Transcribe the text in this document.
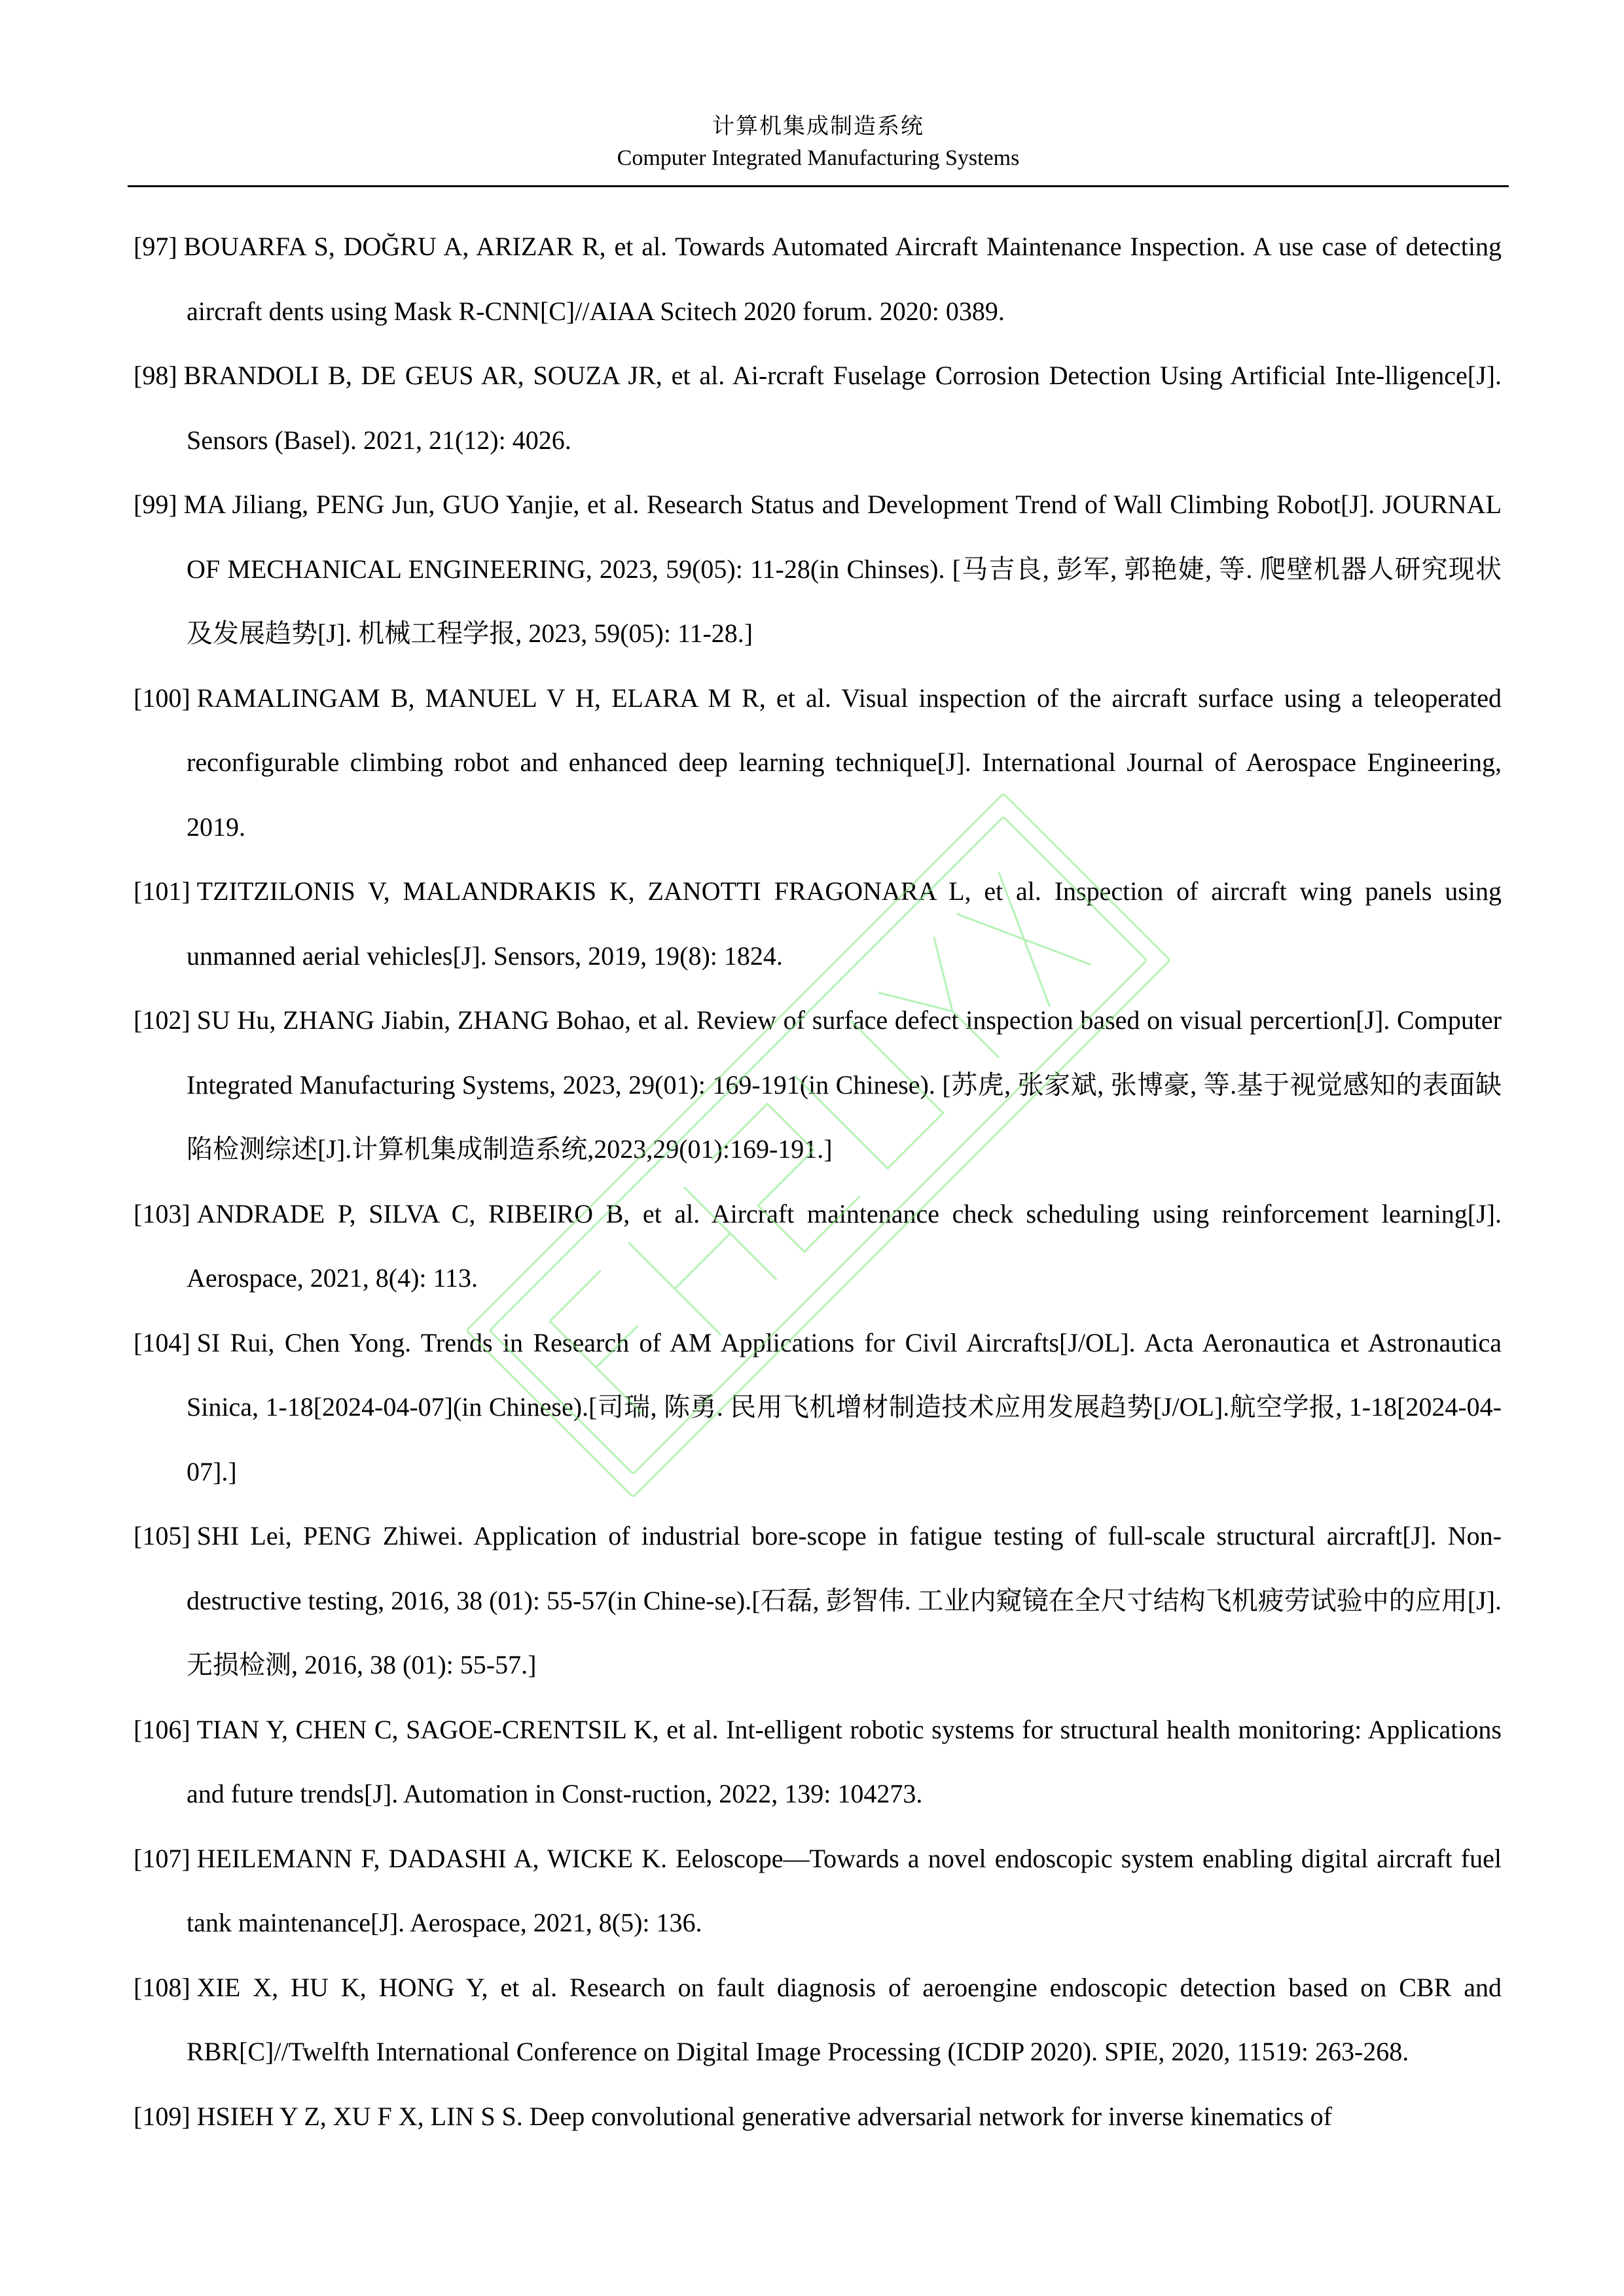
计算机集成制造系统
Computer Integrated Manufacturing Systems
[97] BOUARFA S, DOĞRU A, ARIZAR R, et al. Towards Automated Aircraft Maintenance Inspection. A use case of detecting aircraft dents using Mask R-CNN[C]//AIAA Scitech 2020 forum. 2020: 0389.
[98] BRANDOLI B, DE GEUS AR, SOUZA JR, et al. Ai-rcraft Fuselage Corrosion Detection Using Artificial Inte-lligence[J]. Sensors (Basel). 2021, 21(12): 4026.
[99] MA Jiliang, PENG Jun, GUO Yanjie, et al. Research Status and Development Trend of Wall Climbing Robot[J]. JOURNAL OF MECHANICAL ENGINEERING, 2023, 59(05): 11-28(in Chinses). [马吉良, 彭军, 郭艳婕, 等. 爬壁机器人研究现状及发展趋势[J]. 机械工程学报, 2023, 59(05): 11-28.]
[100] RAMALINGAM B, MANUEL V H, ELARA M R, et al. Visual inspection of the aircraft surface using a teleoperated reconfigurable climbing robot and enhanced deep learning technique[J]. International Journal of Aerospace Engineering, 2019.
[101] TZITZILONIS V, MALANDRAKIS K, ZANOTTI FRAGONARA L, et al. Inspection of aircraft wing panels using unmanned aerial vehicles[J]. Sensors, 2019, 19(8): 1824.
[102] SU Hu, ZHANG Jiabin, ZHANG Bohao, et al. Review of surface defect inspection based on visual percertion[J]. Computer Integrated Manufacturing Systems, 2023, 29(01): 169-191(in Chinese). [苏虎, 张家斌, 张博豪, 等.基于视觉感知的表面缺陷检测综述[J].计算机集成制造系统,2023,29(01):169-191.]
[103] ANDRADE P, SILVA C, RIBEIRO B, et al. Aircraft maintenance check scheduling using reinforcement learning[J]. Aerospace, 2021, 8(4): 113.
[104] SI Rui, Chen Yong. Trends in Research of AM Applications for Civil Aircrafts[J/OL]. Acta Aeronautica et Astronautica Sinica, 1-18[2024-04-07](in Chinese).[司瑞, 陈勇. 民用飞机增材制造技术应用发展趋势[J/OL].航空学报, 1-18[2024-04-07].]
[105] SHI Lei, PENG Zhiwei. Application of industrial bore-scope in fatigue testing of full-scale structural aircraft[J]. Non-destructive testing, 2016, 38 (01): 55-57(in Chine-se).[石磊, 彭智伟. 工业内窥镜在全尺寸结构飞机疲劳试验中的应用[J]. 无损检测, 2016, 38 (01): 55-57.]
[106] TIAN Y, CHEN C, SAGOE-CRENTSIL K, et al. Int-elligent robotic systems for structural health monitoring: Applications and future trends[J]. Automation in Const-ruction, 2022, 139: 104273.
[107] HEILEMANN F, DADASHI A, WICKE K. Eeloscope—Towards a novel endoscopic system enabling digital aircraft fuel tank maintenance[J]. Aerospace, 2021, 8(5): 136.
[108] XIE X, HU K, HONG Y, et al. Research on fault diagnosis of aeroengine endoscopic detection based on CBR and RBR[C]//Twelfth International Conference on Digital Image Processing (ICDIP 2020). SPIE, 2020, 11519: 263-268.
[109] HSIEH Y Z, XU F X, LIN S S. Deep convolutional generative adversarial network for inverse kinematics of
